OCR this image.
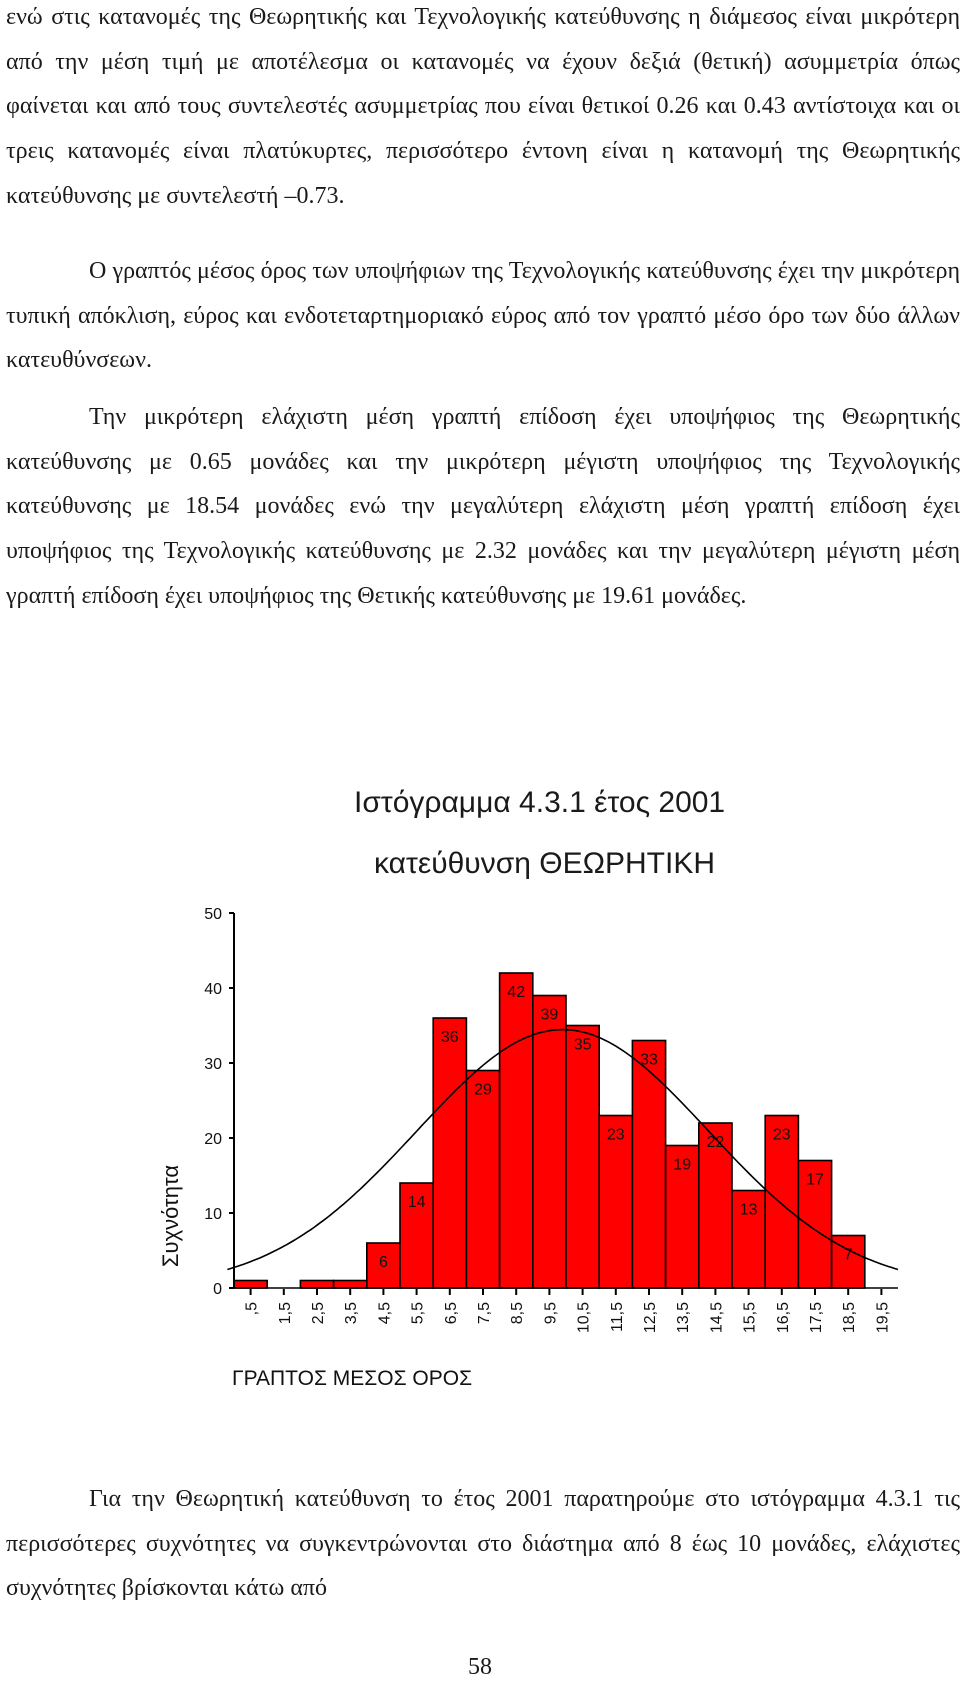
ενώ στις κατανομές της Θεωρητικής και Τεχνολογικής κατεύθυνσης η διάμεσος είναι μικρότερη από την μέση τιμή με αποτέλεσμα οι κατανομές να έχουν δεξιά (θετική) ασυμμετρία όπως φαίνεται και από τους συντελεστές ασυμμετρίας που είναι θετικοί 0.26 και 0.43 αντίστοιχα και οι τρεις κατανομές είναι πλατύκυρτες, περισσότερο έντονη είναι η κατανομή της Θεωρητικής κατεύθυνσης με συντελεστή –0.73.

Ο γραπτός μέσος όρος των υποψήφιων της Τεχνολογικής κατεύθυνσης έχει την μικρότερη τυπική απόκλιση, εύρος και ενδοτεταρτημοριακό εύρος από τον γραπτό μέσο όρο των δύο άλλων κατευθύνσεων.

Την μικρότερη ελάχιστη μέση γραπτή επίδοση έχει υποψήφιος της Θεωρητικής κατεύθυνσης με 0.65 μονάδες και την μικρότερη μέγιστη υποψήφιος της Τεχνολογικής κατεύθυνσης με 18.54 μονάδες ενώ την μεγαλύτερη ελάχιστη μέση γραπτή επίδοση έχει υποψήφιος της Τεχνολογικής κατεύθυνσης με 2.32 μονάδες και την μεγαλύτερη μέγιστη μέση γραπτή επίδοση έχει υποψήφιος της Θετικής κατεύθυνσης με 19.61 μονάδες.

Ιστόγραμμα 4.3.1 έτος 2001
κατεύθυνση ΘΕΩΡΗΤΙΚΗ
0
10
20
30
40
50
,5 1,5 2,5 3,5 4,5 5,5 6,5 7,5 8,5 9,5 10,5 11,5 12,5 13,5 14,5 15,5 16,5 17,5 18,5 19,5
6
14
36
29
42
39
35
23
33
19
22
13
23
17
7
Συχνότητα
ΓΡΑΠΤΟΣ ΜΕΣΟΣ ΟΡΟΣ

Για την Θεωρητική κατεύθυνση το έτος 2001 παρατηρούμε στο ιστόγραμμα 4.3.1 τις περισσότερες συχνότητες να συγκεντρώνονται στο διάστημα από 8 έως 10 μονάδες, ελάχιστες συχνότητες βρίσκονται κάτω από

58
